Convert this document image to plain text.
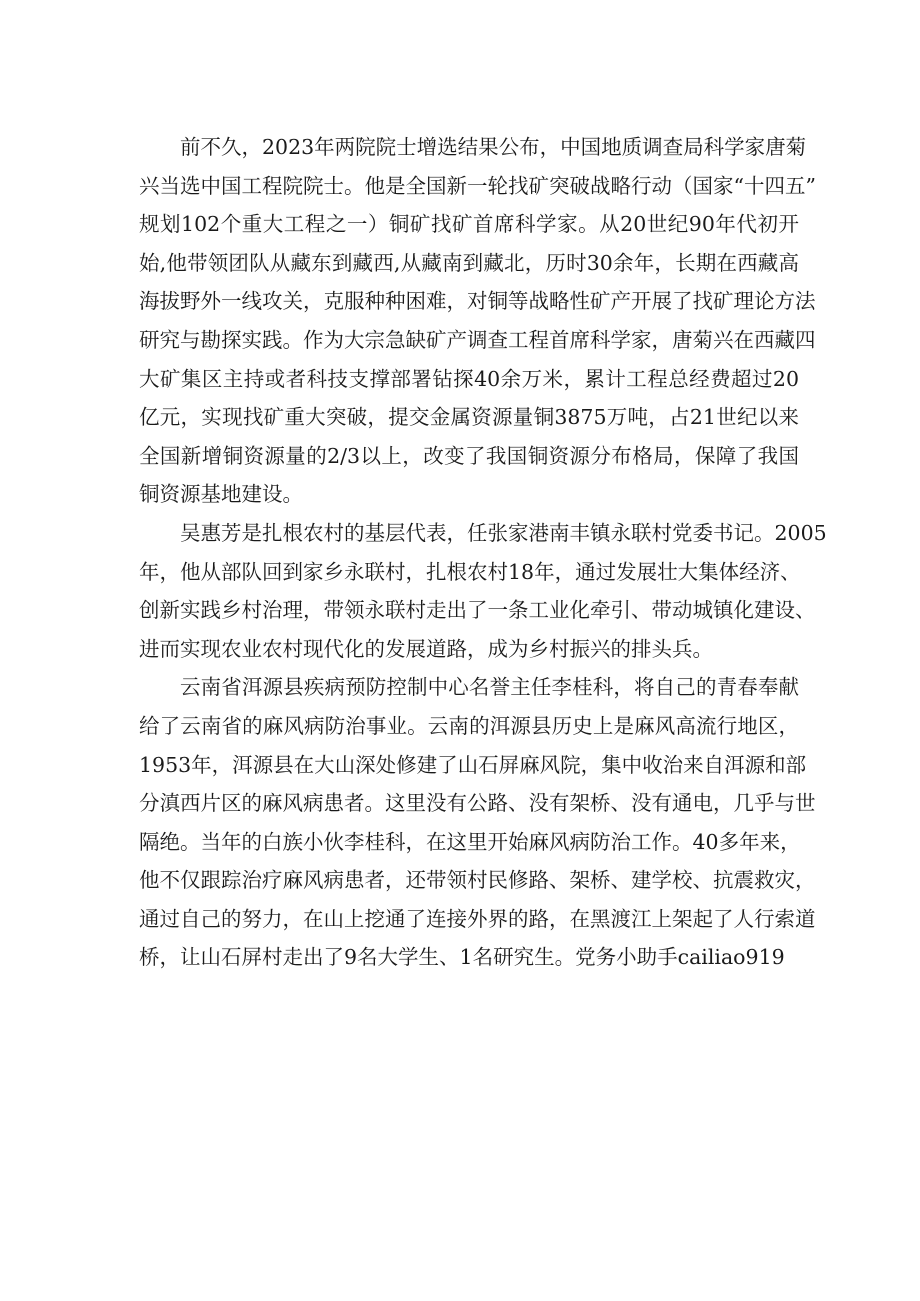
前不久，2023年两院院士增选结果公布，中国地质调查局科学家唐菊
兴当选中国工程院院士。他是全国新一轮找矿突破战略行动（国家“十四五”
规划102个重大工程之一）铜矿找矿首席科学家。从20世纪90年代初开
始,他带领团队从藏东到藏西,从藏南到藏北，历时30余年，长期在西藏高
海拔野外一线攻关，克服种种困难，对铜等战略性矿产开展了找矿理论方法
研究与勘探实践。作为大宗急缺矿产调查工程首席科学家，唐菊兴在西藏四
大矿集区主持或者科技支撑部署钻探40余万米，累计工程总经费超过20
亿元，实现找矿重大突破，提交金属资源量铜3875万吨，占21世纪以来
全国新增铜资源量的2/3以上，改变了我国铜资源分布格局，保障了我国
铜资源基地建设。
吴惠芳是扎根农村的基层代表，任张家港南丰镇永联村党委书记。2005
年，他从部队回到家乡永联村，扎根农村18年，通过发展壮大集体经济、
创新实践乡村治理，带领永联村走出了一条工业化牵引、带动城镇化建设、
进而实现农业农村现代化的发展道路，成为乡村振兴的排头兵。
云南省洱源县疾病预防控制中心名誉主任李桂科，将自己的青春奉献
给了云南省的麻风病防治事业。云南的洱源县历史上是麻风高流行地区，
1953年，洱源县在大山深处修建了山石屏麻风院，集中收治来自洱源和部
分滇西片区的麻风病患者。这里没有公路、没有架桥、没有通电，几乎与世
隔绝。当年的白族小伙李桂科，在这里开始麻风病防治工作。40多年来，
他不仅跟踪治疗麻风病患者，还带领村民修路、架桥、建学校、抗震救灾，
通过自己的努力，在山上挖通了连接外界的路，在黑渡江上架起了人行索道
桥，让山石屏村走出了9名大学生、1名研究生。党务小助手cailiao919
